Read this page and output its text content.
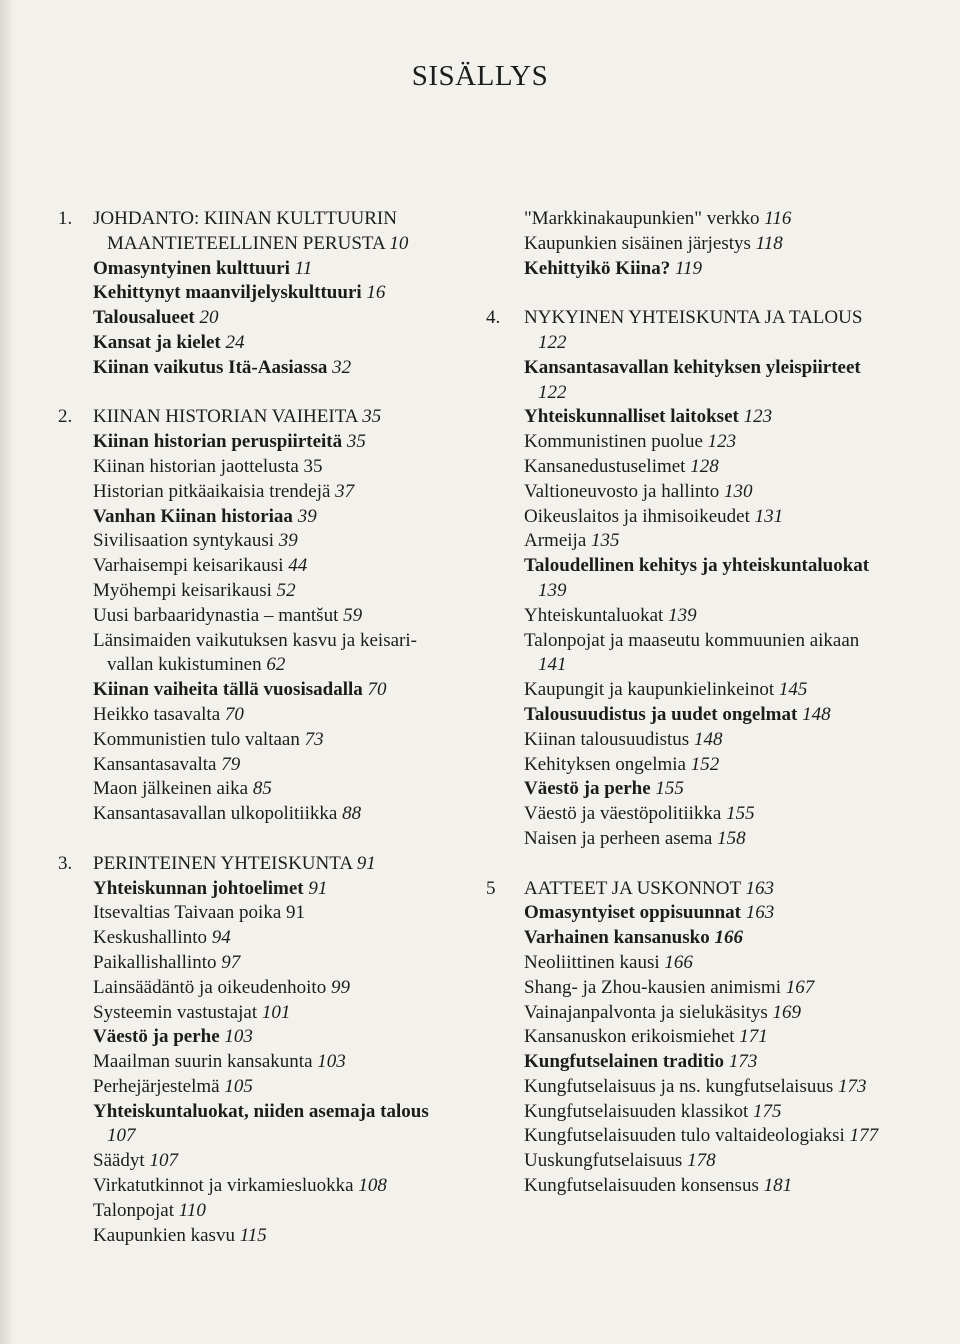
SISÄLLYS
1.	JOHDANTO: KIINAN KULTTUURIN MAANTIETEELLINEN PERUSTA 10
Omasyntyinen kulttuuri 11
Kehittynyt maanviljelyskulttuuri 16
Talousalueet 20
Kansat ja kielet 24
Kiinan vaikutus Itä-Aasiassa 32
2.	KIINAN HISTORIAN VAIHEITA 35
Kiinan historian peruspiirteitä 35
Kiinan historian jaottelusta 35
Historian pitkäaikaisia trendejä 37
Vanhan Kiinan historiaa 39
Sivilisaation syntykausi 39
Varhaisempi keisarikausi 44
Myöhempi keisarikausi 52
Uusi barbaaridynastia – mantšut 59
Länsimaiden vaikutuksen kasvu ja keisari-vallan kukistuminen 62
Kiinan vaiheita tällä vuosisadalla 70
Heikko tasavalta 70
Kommunistien tulo valtaan 73
Kansantasavalta 79
Maon jälkeinen aika 85
Kansantasavallan ulkopolitiikka 88
3.	PERINTEINEN YHTEISKUNTA 91
Yhteiskunnan johtoelimet 91
Itsevaltias Taivaan poika 91
Keskushallinto 94
Paikallishallinto 97
Lainsäädäntö ja oikeudenhoito 99
Systeemin vastustajat 101
Väestö ja perhe 103
Maailman suurin kansakunta 103
Perhejärjestelmä 105
Yhteiskuntaluokat, niiden asemaja talous 107
Säädyt 107
Virkatutkinnot ja virkamiesluokka 108
Talonpojat 110
Kaupunkien kasvu 115
"Markkinakaupunkien" verkko 116
Kaupunkien sisäinen järjestys 118
Kehittyikö Kiina? 119
4.	NYKYINEN YHTEISKUNTA JA TALOUS 122
Kansantasavallan kehityksen yleispiirteet 122
Yhteiskunnalliset laitokset 123
Kommunistinen puolue 123
Kansanedustuselimet 128
Valtioneuvosto ja hallinto 130
Oikeuslaitos ja ihmisoikeudet 131
Armeija 135
Taloudellinen kehitys ja yhteiskuntaluokat 139
Yhteiskuntaluokat 139
Talonpojat ja maaseutu kommuunien aikaan 141
Kaupungit ja kaupunkielinkeinot 145
Talousuudistus ja uudet ongelmat 148
Kiinan talousuudistus 148
Kehityksen ongelmia 152
Väestö ja perhe 155
Väestö ja väestöpolitiikka 155
Naisen ja perheen asema 158
5	AATTEET JA USKONNOT 163
Omasyntyiset oppisuunnat 163
Varhainen kansanusko 166
Neoliittinen kausi 166
Shang- ja Zhou-kausien animismi 167
Vainajanpalvonta ja sielukäsitys 169
Kansanuskon erikoismiehet 171
Kungfutselainen traditio 173
Kungfutselaisuus ja ns. kungfutselaisuus 173
Kungfutselaisuuden klassikot 175
Kungfutselaisuuden tulo valtaideologiaksi 177
Uuskungfutselaisuus 178
Kungfutselaisuuden konsensus 181
